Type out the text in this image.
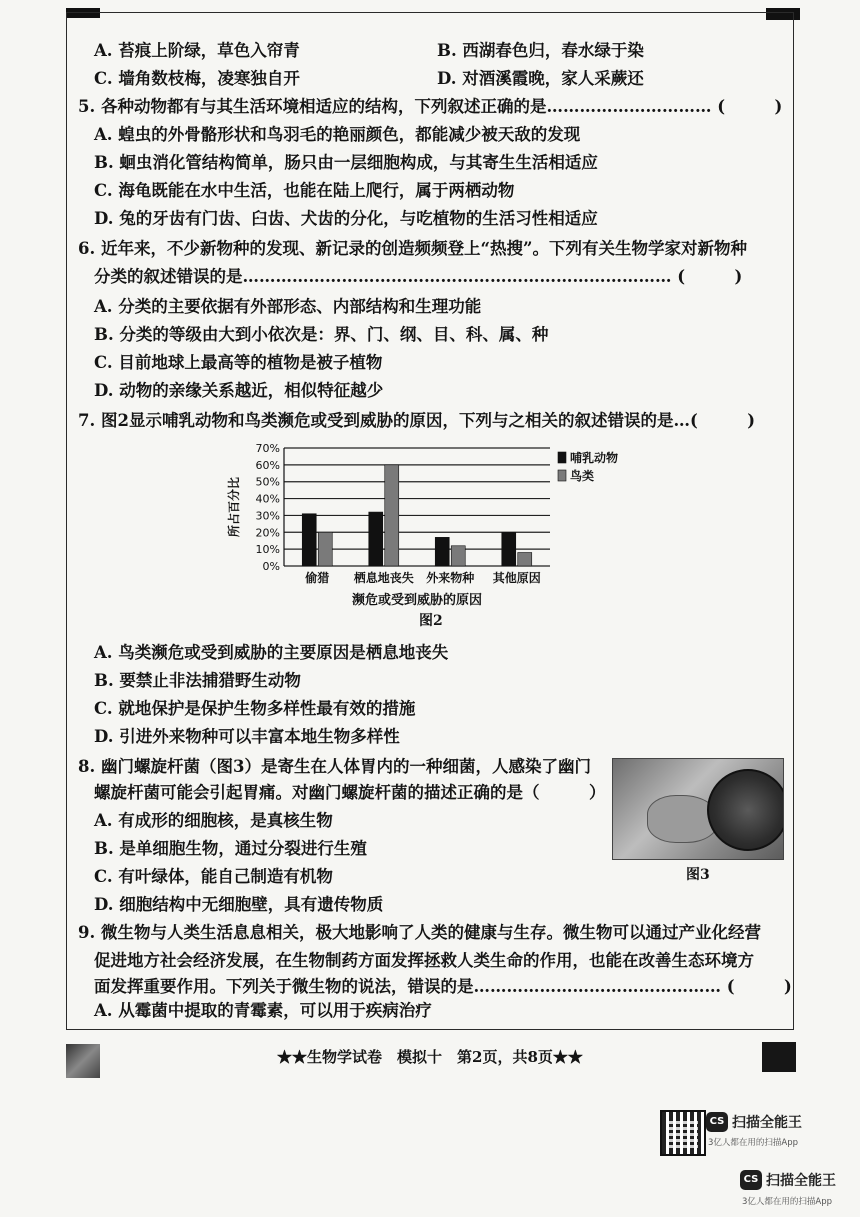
A. 苔痕上阶绿，草色入帘青	B. 西湖春色归，春水绿于染
C. 墙角数枝梅，凌寒独自开	D. 对酒溪霞晚，家人采蕨还
5. 各种动物都有与其生活环境相适应的结构，下列叙述正确的是………………………… (　　　)
A. 蝗虫的外骨骼形状和鸟羽毛的艳丽颜色，都能减少被天敌的发现
B. 蛔虫消化管结构简单，肠只由一层细胞构成，与其寄生生活相适应
C. 海龟既能在水中生活，也能在陆上爬行，属于两栖动物
D. 兔的牙齿有门齿、臼齿、犬齿的分化，与吃植物的生活习性相适应
6. 近年来，不少新物种的发现、新记录的创造频频登上“热搜”。下列有关生物学家对新物种
分类的叙述错误的是…………………………………………………………………… (　　　)
A. 分类的主要依据有外部形态、内部结构和生理功能
B. 分类的等级由大到小依次是：界、门、纲、目、科、属、种
C. 目前地球上最高等的植物是被子植物
D. 动物的亲缘关系越近，相似特征越少
7. 图2显示哺乳动物和鸟类濒危或受到威胁的原因，下列与之相关的叙述错误的是…(　　　)
0%
10%
20%
30%
40%
50%
60%
70%
偷猎 栖息地丧失 外来物种 其他原因
所占百分比
濒危或受到威胁的原因
哺乳动物
鸟类
图2
A. 鸟类濒危或受到威胁的主要原因是栖息地丧失
B. 要禁止非法捕猎野生动物
C. 就地保护是保护生物多样性最有效的措施
D. 引进外来物种可以丰富本地生物多样性
8. 幽门螺旋杆菌（图3）是寄生在人体胃内的一种细菌，人感染了幽门
螺旋杆菌可能会引起胃痛。对幽门螺旋杆菌的描述正确的是（　　　）
A. 有成形的细胞核，是真核生物
B. 是单细胞生物，通过分裂进行生殖
C. 有叶绿体，能自己制造有机物
D. 细胞结构中无细胞壁，具有遗传物质
图3
9. 微生物与人类生活息息相关，极大地影响了人类的健康与生存。微生物可以通过产业化经营
促进地方社会经济发展，在生物制药方面发挥拯救人类生命的作用，也能在改善生态环境方
面发挥重要作用。下列关于微生物的说法，错误的是……………………………………… (　　　)
A. 从霉菌中提取的青霉素，可以用于疾病治疗
★★生物学试卷　模拟十　第2页，共8页★★
CS 扫描全能王
3亿人都在用的扫描App
CS 扫描全能王
3亿人都在用的扫描App
